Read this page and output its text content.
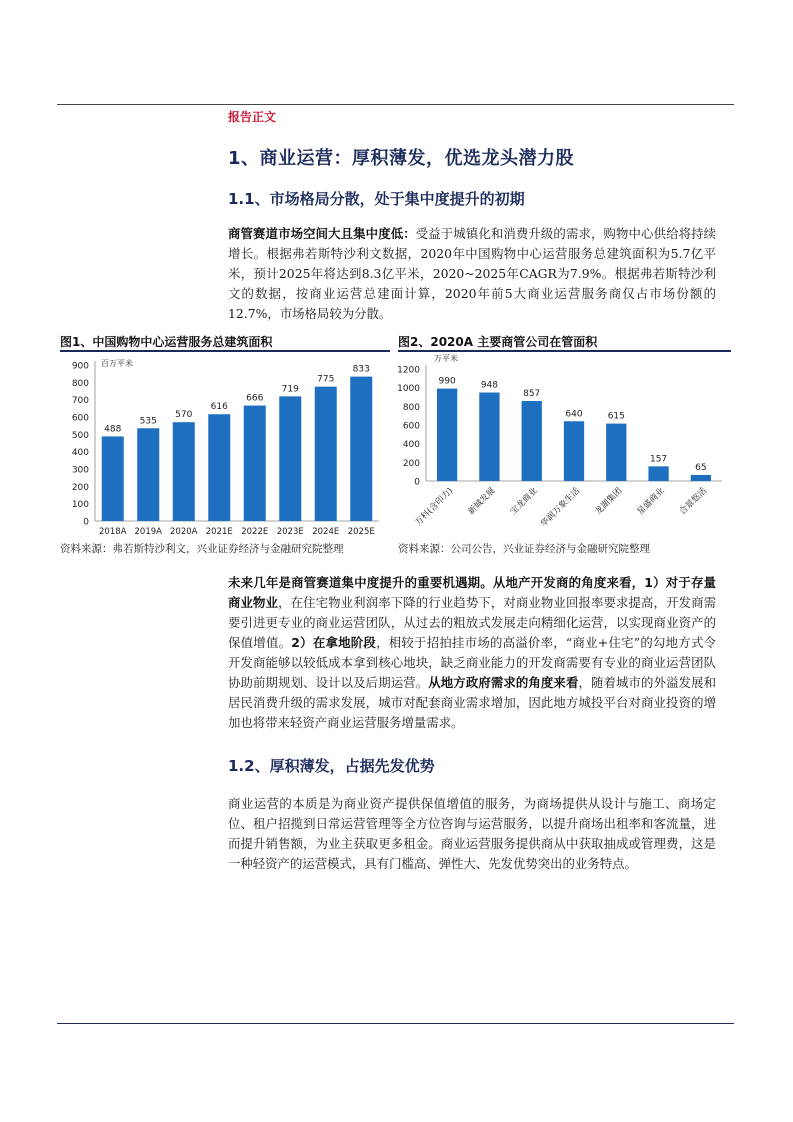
报告正文
1、商业运营：厚积薄发，优选龙头潜力股
1.1、市场格局分散，处于集中度提升的初期

商管赛道市场空间大且集中度低：受益于城镇化和消费升级的需求，购物中心供给将持续增长。根据弗若斯特沙利文数据，2020年中国购物中心运营服务总建筑面积为5.7亿平米，预计2025年将达到8.3亿平米，2020~2025年CAGR为7.9%。根据弗若斯特沙利文的数据，按商业运营总建面计算，2020年前5大商业运营服务商仅占市场份额的12.7%，市场格局较为分散。

图1、中国购物中心运营服务总建筑面积
0
100
200
300
400
500
600
700
800
900 百万平米
488
2018A
535
2019A
570
2020A
616
2021E
666
2022E
719
2023E
775
2024E
833
2025E
资料来源：弗若斯特沙利文，兴业证券经济与金融研究院整理
图2、2020A 主要商管公司在管面积
0
200
400
600
800
1000
1200
万平米
990
万科(含印力)
948
新城发展
857
宝龙商业
640
华润万象生活
615
龙湖集团
157
星盛商业
65
合景悠活
资料来源：公司公告，兴业证券经济与金融研究院整理

未来几年是商管赛道集中度提升的重要机遇期。从地产开发商的角度来看，1）对于存量商业物业，在住宅物业利润率下降的行业趋势下，对商业物业回报率要求提高，开发商需要引进更专业的商业运营团队，从过去的粗放式发展走向精细化运营，以实现商业资产的保值增值。2）在拿地阶段，相较于招拍挂市场的高溢价率，“商业+住宅”的勾地方式令开发商能够以较低成本拿到核心地块，缺乏商业能力的开发商需要有专业的商业运营团队协助前期规划、设计以及后期运营。从地方政府需求的角度来看，随着城市的外溢发展和居民消费升级的需求发展，城市对配套商业需求增加，因此地方城投平台对商业投资的增加也将带来轻资产商业运营服务增量需求。

1.2、厚积薄发，占据先发优势

商业运营的本质是为商业资产提供保值增值的服务，为商场提供从设计与施工、商场定位、租户招揽到日常运营管理等全方位咨询与运营服务，以提升商场出租率和客流量，进而提升销售额，为业主获取更多租金。商业运营服务提供商从中获取抽成或管理费，这是一种轻资产的运营模式，具有门槛高、弹性大、先发优势突出的业务特点。
